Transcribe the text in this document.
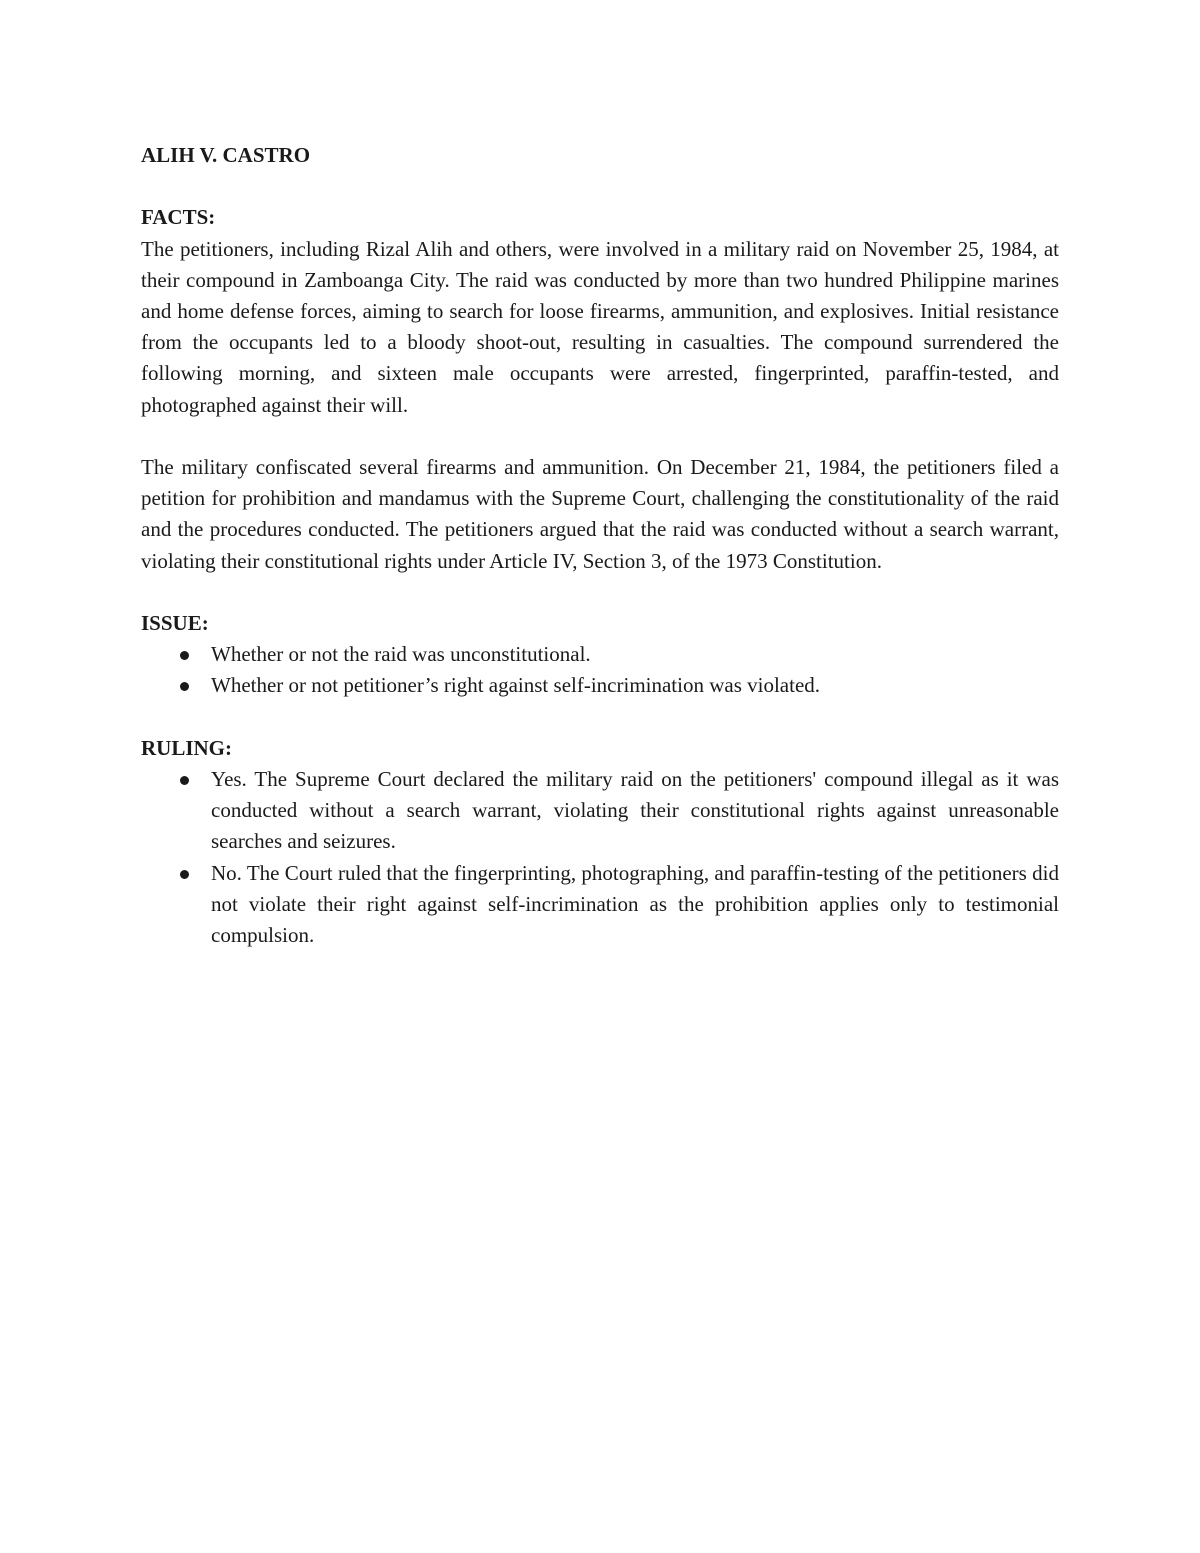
ALIH V. CASTRO

FACTS:

The petitioners, including Rizal Alih and others, were involved in a military raid on November 25, 1984, at their compound in Zamboanga City. The raid was conducted by more than two hundred Philippine marines and home defense forces, aiming to search for loose firearms, ammunition, and explosives. Initial resistance from the occupants led to a bloody shoot-out, resulting in casualties. The compound surrendered the following morning, and sixteen male occupants were arrested, fingerprinted, paraffin-tested, and photographed against their will.

The military confiscated several firearms and ammunition. On December 21, 1984, the petitioners filed a petition for prohibition and mandamus with the Supreme Court, challenging the constitutionality of the raid and the procedures conducted. The petitioners argued that the raid was conducted without a search warrant, violating their constitutional rights under Article IV, Section 3, of the 1973 Constitution.

ISSUE:

Whether or not the raid was unconstitutional.
Whether or not petitioner’s right against self-incrimination was violated.

RULING:

Yes. The Supreme Court declared the military raid on the petitioners' compound illegal as it was conducted without a search warrant, violating their constitutional rights against unreasonable searches and seizures.
No. The Court ruled that the fingerprinting, photographing, and paraffin-testing of the petitioners did not violate their right against self-incrimination as the prohibition applies only to testimonial compulsion.
